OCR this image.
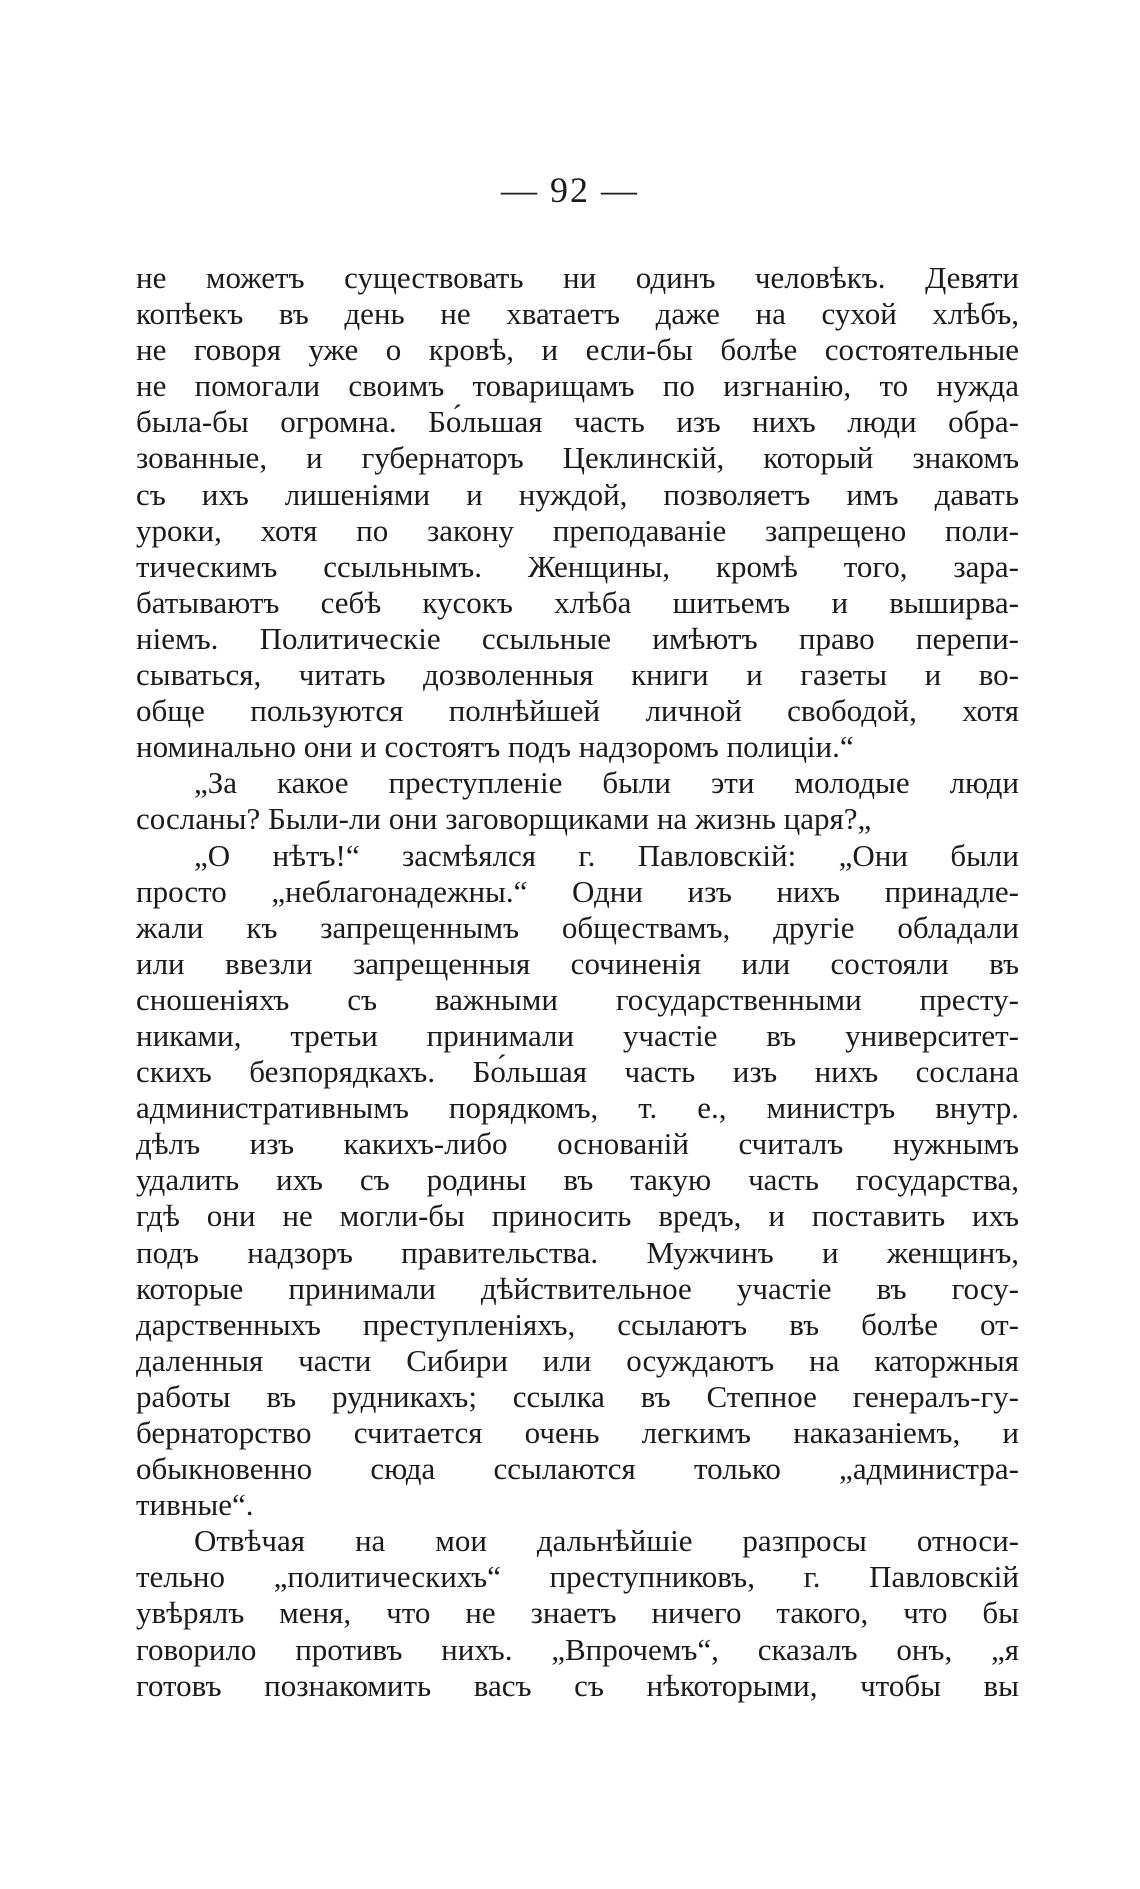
— 92 —
не можетъ существовать ни одинъ человѣкъ. Девяти
копѣекъ въ день не хватаетъ даже на сухой хлѣбъ,
не говоря уже о кровѣ, и если-бы болѣе состоятельные
не помогали своимъ товарищамъ по изгнанію, то нужда
была-бы огромна. Бо́льшая часть изъ нихъ люди обра-
зованные, и губернаторъ Цеклинскій, который знакомъ
съ ихъ лишеніями и нуждой, позволяетъ имъ давать
уроки, хотя по закону преподаваніе запрещено поли-
тическимъ ссыльнымъ. Женщины, кромѣ того, зара-
батываютъ себѣ кусокъ хлѣба шитьемъ и выширва-
ніемъ. Политическіе ссыльные имѣютъ право перепи-
сываться, читать дозволенныя книги и газеты и во-
обще пользуются полнѣйшей личной свободой, хотя
номинально они и состоятъ подъ надзоромъ полиціи.“
„За какое преступленіе были эти молодые люди
сосланы? Были-ли они заговорщиками на жизнь царя?„
„О нѣтъ!“ засмѣялся г. Павловскій: „Они были
просто „неблагонадежны.“ Одни изъ нихъ принадле-
жали къ запрещеннымъ обществамъ, другіе обладали
или ввезли запрещенныя сочиненія или состояли въ
сношеніяхъ съ важными государственными престу-
никами, третьи принимали участіе въ университет-
скихъ безпорядкахъ. Бо́льшая часть изъ нихъ сослана
административнымъ порядкомъ, т. е., министръ внутр.
дѣлъ изъ какихъ-либо основаній считалъ нужнымъ
удалить ихъ съ родины въ такую часть государства,
гдѣ они не могли-бы приносить вредъ, и поставить ихъ
подъ надзоръ правительства. Мужчинъ и женщинъ,
которые принимали дѣйствительное участіе въ госу-
дарственныхъ преступленіяхъ, ссылаютъ въ болѣе от-
даленныя части Сибири или осуждаютъ на каторжныя
работы въ рудникахъ; ссылка въ Степное генералъ-гу-
бернаторство считается очень легкимъ наказаніемъ, и
обыкновенно сюда ссылаются только „администра-
тивные“.
Отвѣчая на мои дальнѣйшіе разпросы относи-
тельно „политическихъ“ преступниковъ, г. Павловскій
увѣрялъ меня, что не знаетъ ничего такого, что бы
говорило противъ нихъ. „Впрочемъ“, сказалъ онъ, „я
готовъ познакомить васъ съ нѣкоторыми, чтобы вы
